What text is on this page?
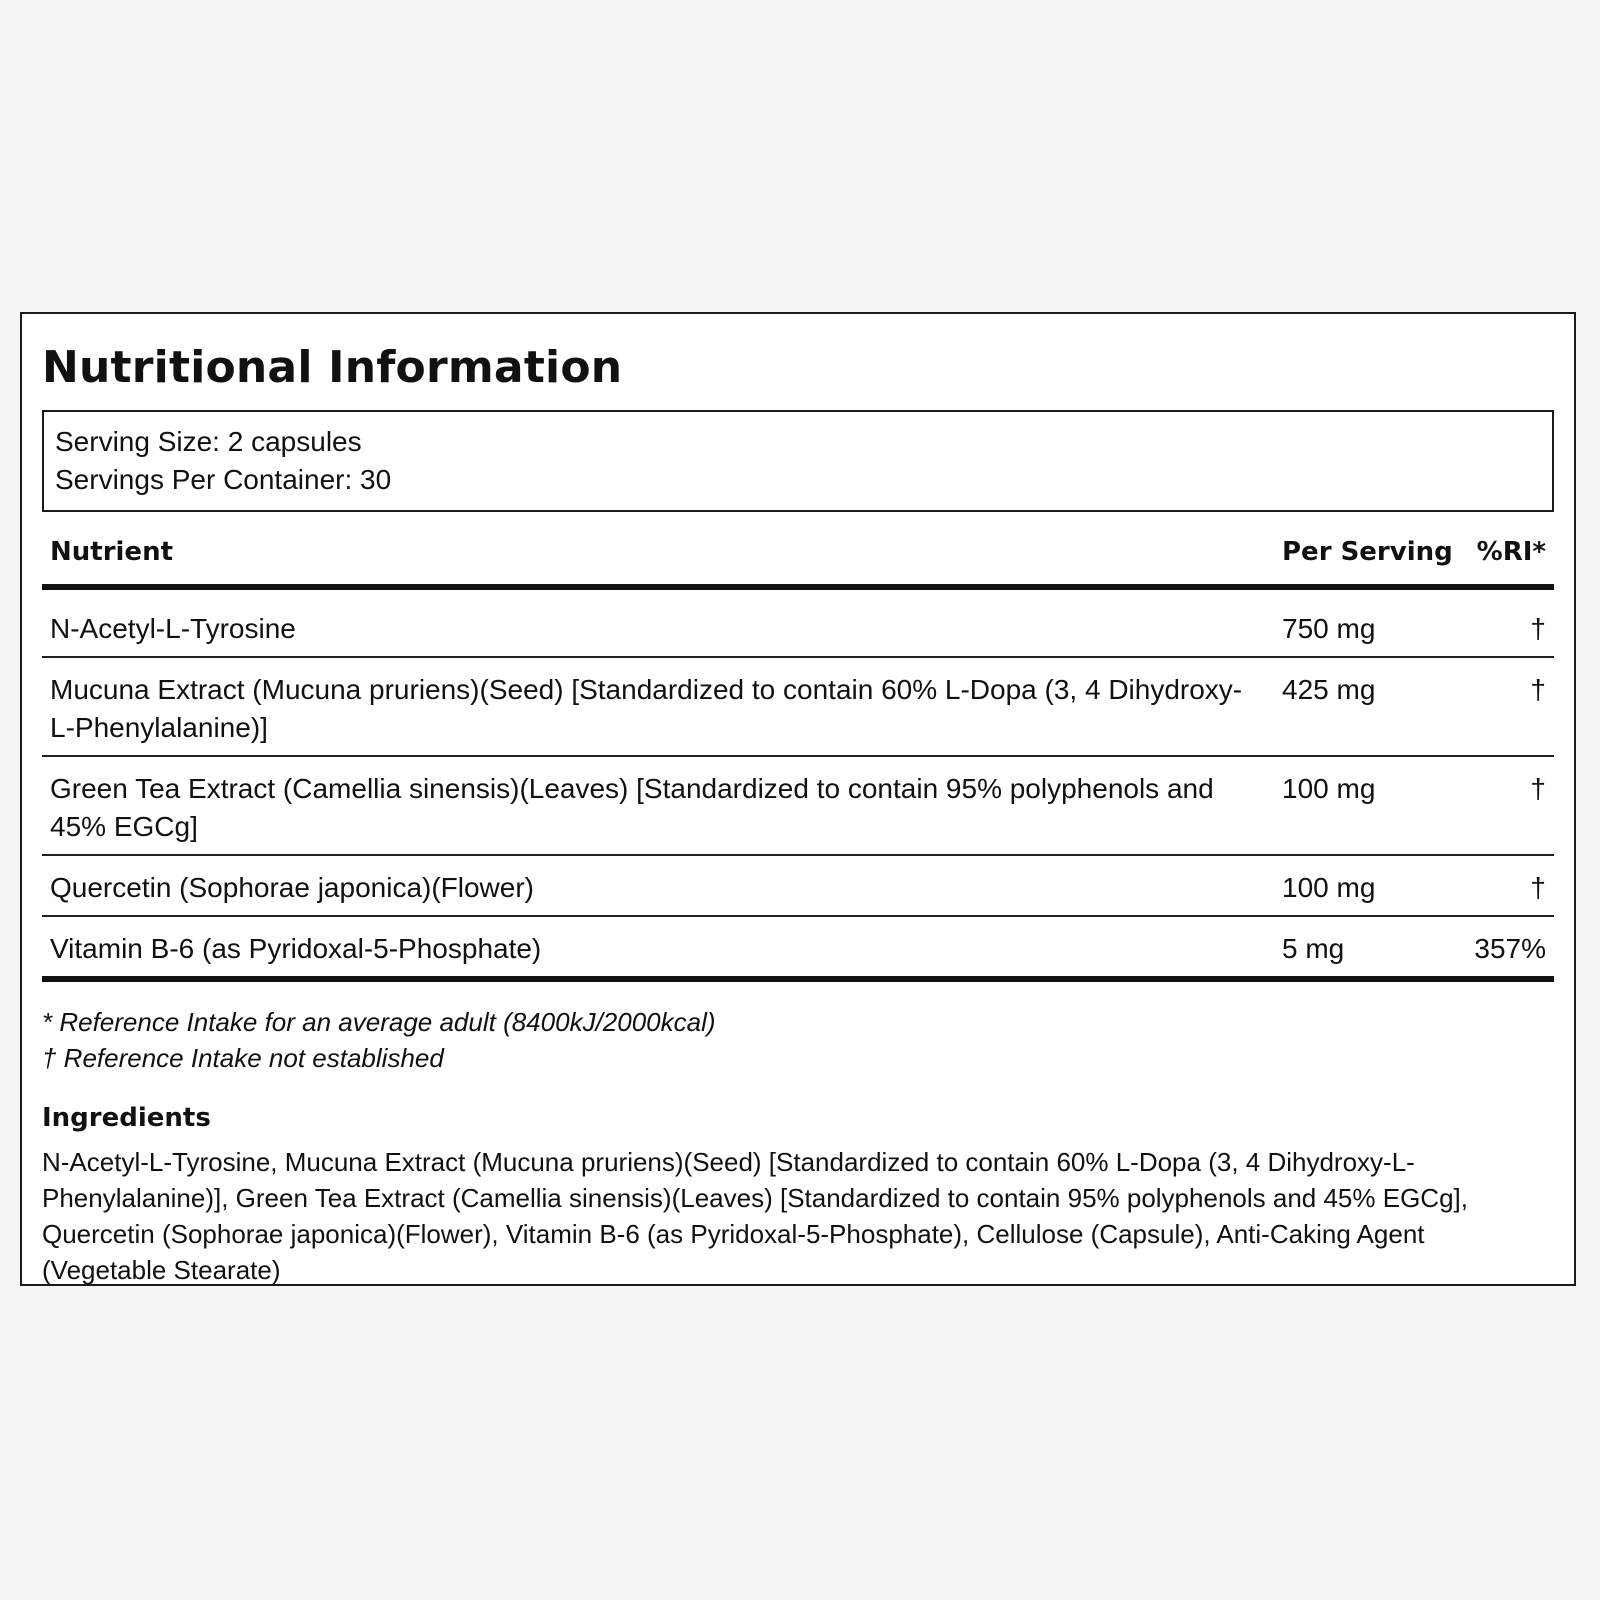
Nutritional Information
Serving Size: 2 capsules
Servings Per Container: 30
Nutrient	Per Serving	%RI*
N-Acetyl-L-Tyrosine	750 mg	†
Mucuna Extract (Mucuna pruriens)(Seed) [Standardized to contain 60% L-Dopa (3, 4 Dihydroxy-L-Phenylalanine)]	425 mg	†
Green Tea Extract (Camellia sinensis)(Leaves) [Standardized to contain 95% polyphenols and 45% EGCg]	100 mg	†
Quercetin (Sophorae japonica)(Flower)	100 mg	†
Vitamin B-6 (as Pyridoxal-5-Phosphate)	5 mg	357%
* Reference Intake for an average adult (8400kJ/2000kcal)
† Reference Intake not established
Ingredients
N-Acetyl-L-Tyrosine, Mucuna Extract (Mucuna pruriens)(Seed) [Standardized to contain 60% L-Dopa (3, 4 Dihydroxy-L-Phenylalanine)], Green Tea Extract (Camellia sinensis)(Leaves) [Standardized to contain 95% polyphenols and 45% EGCg], Quercetin (Sophorae japonica)(Flower), Vitamin B-6 (as Pyridoxal-5-Phosphate), Cellulose (Capsule), Anti-Caking Agent (Vegetable Stearate)
